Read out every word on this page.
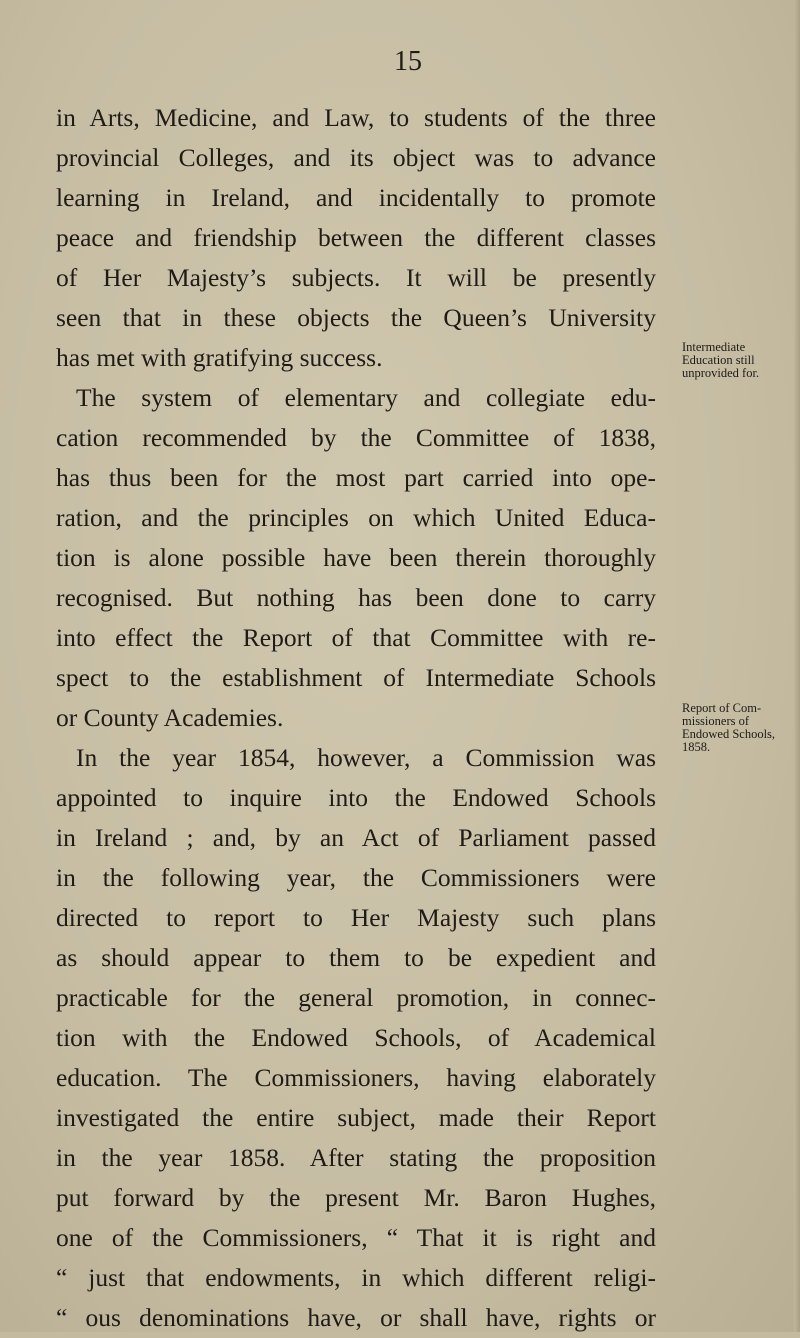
15
in Arts, Medicine, and Law, to students of the three
provincial Colleges, and its object was to advance
learning in Ireland, and incidentally to promote
peace and friendship between the different classes
of Her Majesty’s subjects. It will be presently
seen that in these objects the Queen’s University
has met with gratifying success.
The system of elementary and collegiate edu-
cation recommended by the Committee of 1838,
has thus been for the most part carried into ope-
ration, and the principles on which United Educa-
tion is alone possible have been therein thoroughly
recognised. But nothing has been done to carry
into effect the Report of that Committee with re-
spect to the establishment of Intermediate Schools
or County Academies.
In the year 1854, however, a Commission was
appointed to inquire into the Endowed Schools
in Ireland ; and, by an Act of Parliament passed
in the following year, the Commissioners were
directed to report to Her Majesty such plans
as should appear to them to be expedient and
practicable for the general promotion, in connec-
tion with the Endowed Schools, of Academical
education. The Commissioners, having elaborately
investigated the entire subject, made their Report
in the year 1858. After stating the proposition
put forward by the present Mr. Baron Hughes,
one of the Commissioners, “ That it is right and
“ just that endowments, in which different religi-
“ ous denominations have, or shall have, rights or
Intermediate
Education still
unprovided for.
Report of Com-
missioners of
Endowed Schools,
1858.
